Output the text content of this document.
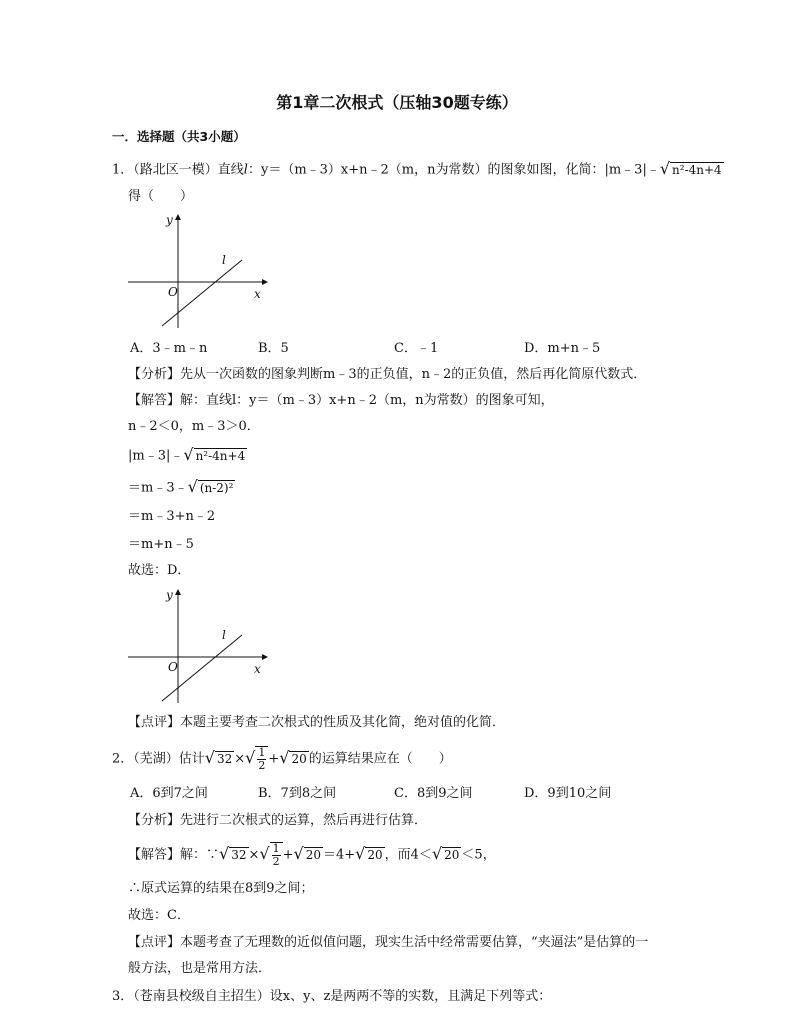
第1章二次根式（压轴30题专练）
一．选择题（共3小题）
1．（路北区一模）直线l：y＝（m﹣3）x+n﹣2（m，n为常数）的图象如图，化简：|m﹣3|﹣√ n²-4n+4
得（　　）
y
x
O
l
A．3﹣m﹣n	B．5	C．﹣1	D．m+n﹣5
【分析】先从一次函数的图象判断m﹣3的正负值，n﹣2的正负值，然后再化简原代数式．
【解答】解：直线l：y＝（m﹣3）x+n﹣2（m，n为常数）的图象可知，
n﹣2＜0，m﹣3＞0．
|m﹣3|﹣√ n²-4n+4
＝m﹣3﹣√ (n-2)²
＝m﹣3+n﹣2
＝m+n﹣5
故选：D．
y
x
O
l
【点评】本题主要考查二次根式的性质及其化简，绝对值的化简．
2．（芜湖）估计√ 32 ×√ $\frac{1}{2}$ +√ 20 的运算结果应在（　　）
A．6到7之间	B．7到8之间	C．8到9之间	D．9到10之间
【分析】先进行二次根式的运算，然后再进行估算．
【解答】解：∵√ 32 ×√ $\frac{1}{2}$ +√ 20 ＝4+√ 20 ，而4＜√ 20 ＜5，
∴原式运算的结果在8到9之间；
故选：C．
【点评】本题考查了无理数的近似值问题，现实生活中经常需要估算，“夹逼法”是估算的一
般方法，也是常用方法．
3．（苍南县校级自主招生）设x、y、z是两两不等的实数，且满足下列等式：
